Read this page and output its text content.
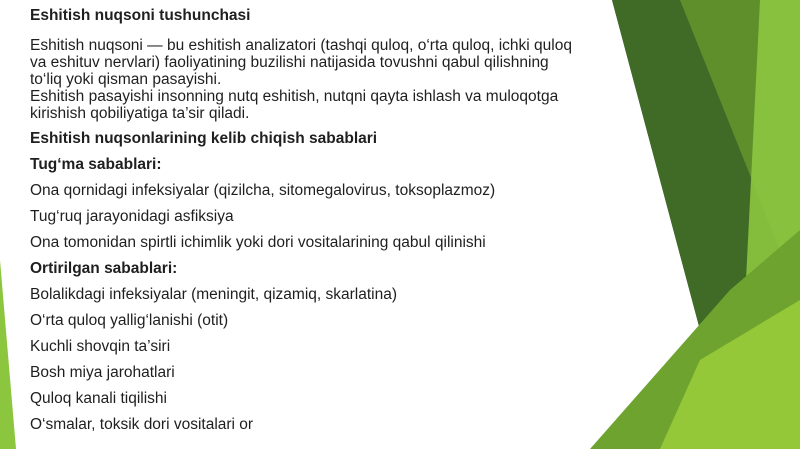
Eshitish nuqsoni tushunchasi
Eshitish nuqsoni — bu eshitish analizatori (tashqi quloq, o‘rta quloq, ichki quloq
va eshituv nervlari) faoliyatining buzilishi natijasida tovushni qabul qilishning
to‘liq yoki qisman pasayishi.
Eshitish pasayishi insonning nutq eshitish, nutqni qayta ishlash va muloqotga
kirishish qobiliyatiga ta’sir qiladi.
Eshitish nuqsonlarining kelib chiqish sabablari
Tug‘ma sabablari:
Ona qornidagi infeksiyalar (qizilcha, sitomegalovirus, toksoplazmoz)
Tug‘ruq jarayonidagi asfiksiya
Ona tomonidan spirtli ichimlik yoki dori vositalarining qabul qilinishi
Ortirilgan sabablari:
Bolalikdagi infeksiyalar (meningit, qizamiq, skarlatina)
O‘rta quloq yallig‘lanishi (otit)
Kuchli shovqin ta’siri
Bosh miya jarohatlari
Quloq kanali tiqilishi
O‘smalar, toksik dori vositalari or
